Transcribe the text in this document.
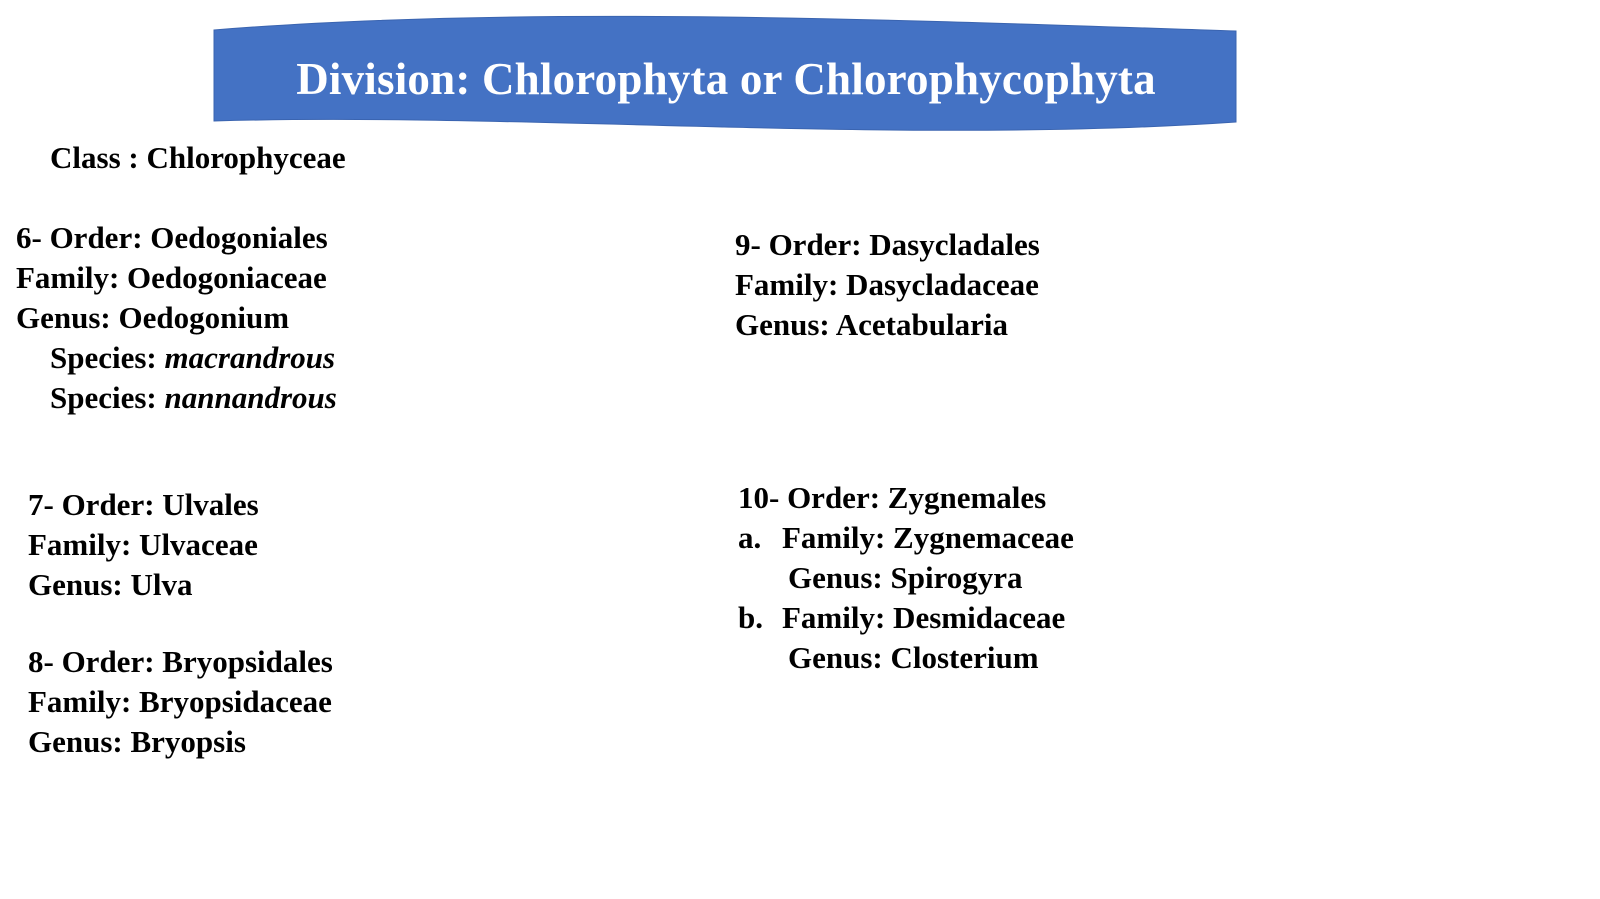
Division: Chlorophyta or Chlorophycophyta
Class : Chlorophyceae
6- Order: Oedogoniales
Family: Oedogoniaceae
Genus: Oedogonium
Species: macrandrous
Species: nannandrous
7- Order: Ulvales
Family: Ulvaceae
Genus: Ulva
8- Order: Bryopsidales
Family: Bryopsidaceae
Genus: Bryopsis
9- Order: Dasycladales
Family: Dasycladaceae
Genus: Acetabularia
10- Order: Zygnemales
a. Family: Zygnemaceae
Genus: Spirogyra
b. Family: Desmidaceae
Genus: Closterium
